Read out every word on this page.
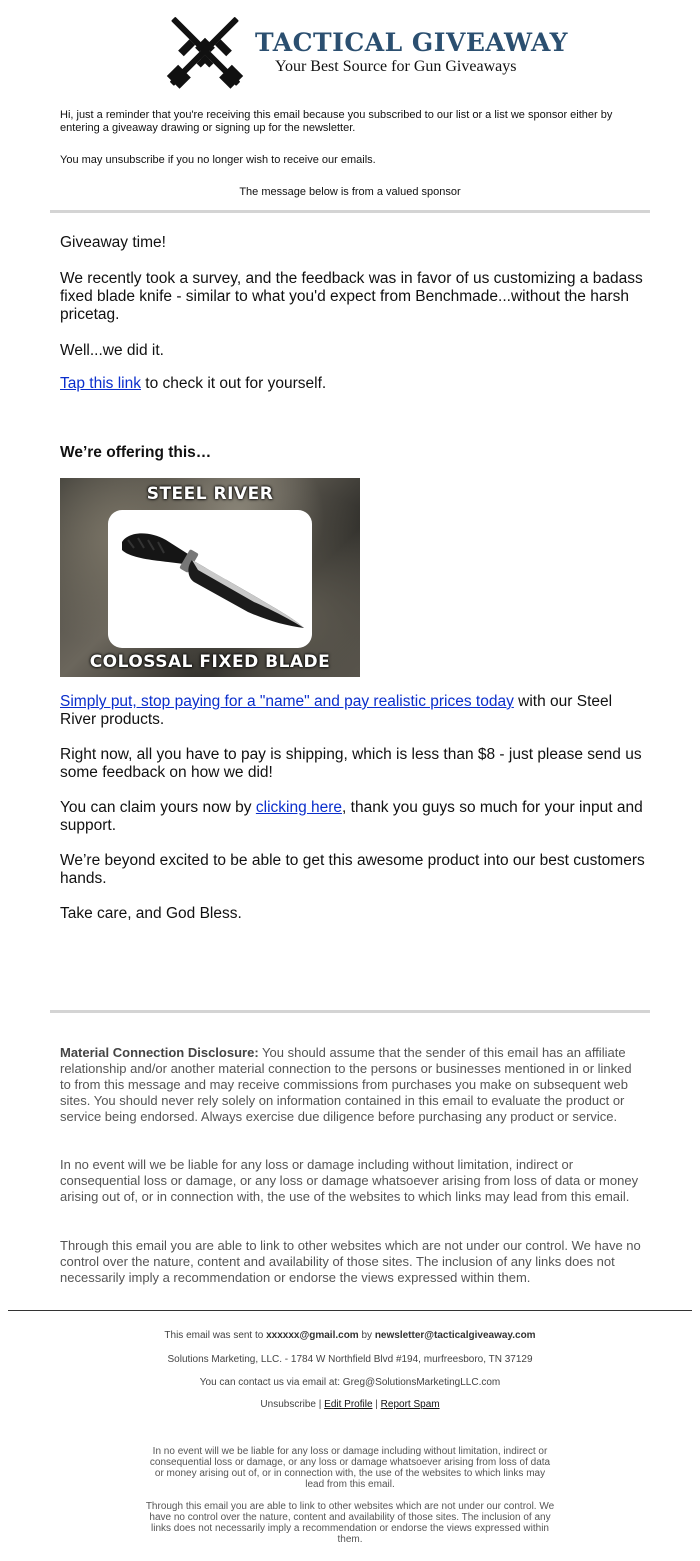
TACTICAL GIVEAWAY
Your Best Source for Gun Giveaways
Hi, just a reminder that you're receiving this email because you subscribed to our list or a list we sponsor either by entering a giveaway drawing or signing up for the newsletter.
You may unsubscribe if you no longer wish to receive our emails.
The message below is from a valued sponsor
Giveaway time!
We recently took a survey, and the feedback was in favor of us customizing a badass fixed blade knife - similar to what you'd expect from Benchmade...without the harsh pricetag.
Well...we did it.
Tap this link to check it out for yourself.
We’re offering this…
STEEL RIVER
COLOSSAL FIXED BLADE
Simply put, stop paying for a "name" and pay realistic prices today with our Steel River products.
Right now, all you have to pay is shipping, which is less than $8 - just please send us some feedback on how we did!
You can claim yours now by clicking here, thank you guys so much for your input and support.
We’re beyond excited to be able to get this awesome product into our best customers hands.
Take care, and God Bless.
Material Connection Disclosure: You should assume that the sender of this email has an affiliate relationship and/or another material connection to the persons or businesses mentioned in or linked to from this message and may receive commissions from purchases you make on subsequent web sites. You should never rely solely on information contained in this email to evaluate the product or service being endorsed. Always exercise due diligence before purchasing any product or service.
In no event will we be liable for any loss or damage including without limitation, indirect or consequential loss or damage, or any loss or damage whatsoever arising from loss of data or money arising out of, or in connection with, the use of the websites to which links may lead from this email.
Through this email you are able to link to other websites which are not under our control. We have no control over the nature, content and availability of those sites. The inclusion of any links does not necessarily imply a recommendation or endorse the views expressed within them.
This email was sent to xxxxxx@gmail.com by newsletter@tacticalgiveaway.com
Solutions Marketing, LLC. - 1784 W Northfield Blvd #194, murfreesboro, TN 37129
You can contact us via email at: Greg@SolutionsMarketingLLC.com
Unsubscribe | Edit Profile | Report Spam
In no event will we be liable for any loss or damage including without limitation, indirect or consequential loss or damage, or any loss or damage whatsoever arising from loss of data or money arising out of, or in connection with, the use of the websites to which links may lead from this email.
Through this email you are able to link to other websites which are not under our control. We have no control over the nature, content and availability of those sites. The inclusion of any links does not necessarily imply a recommendation or endorse the views expressed within them.
